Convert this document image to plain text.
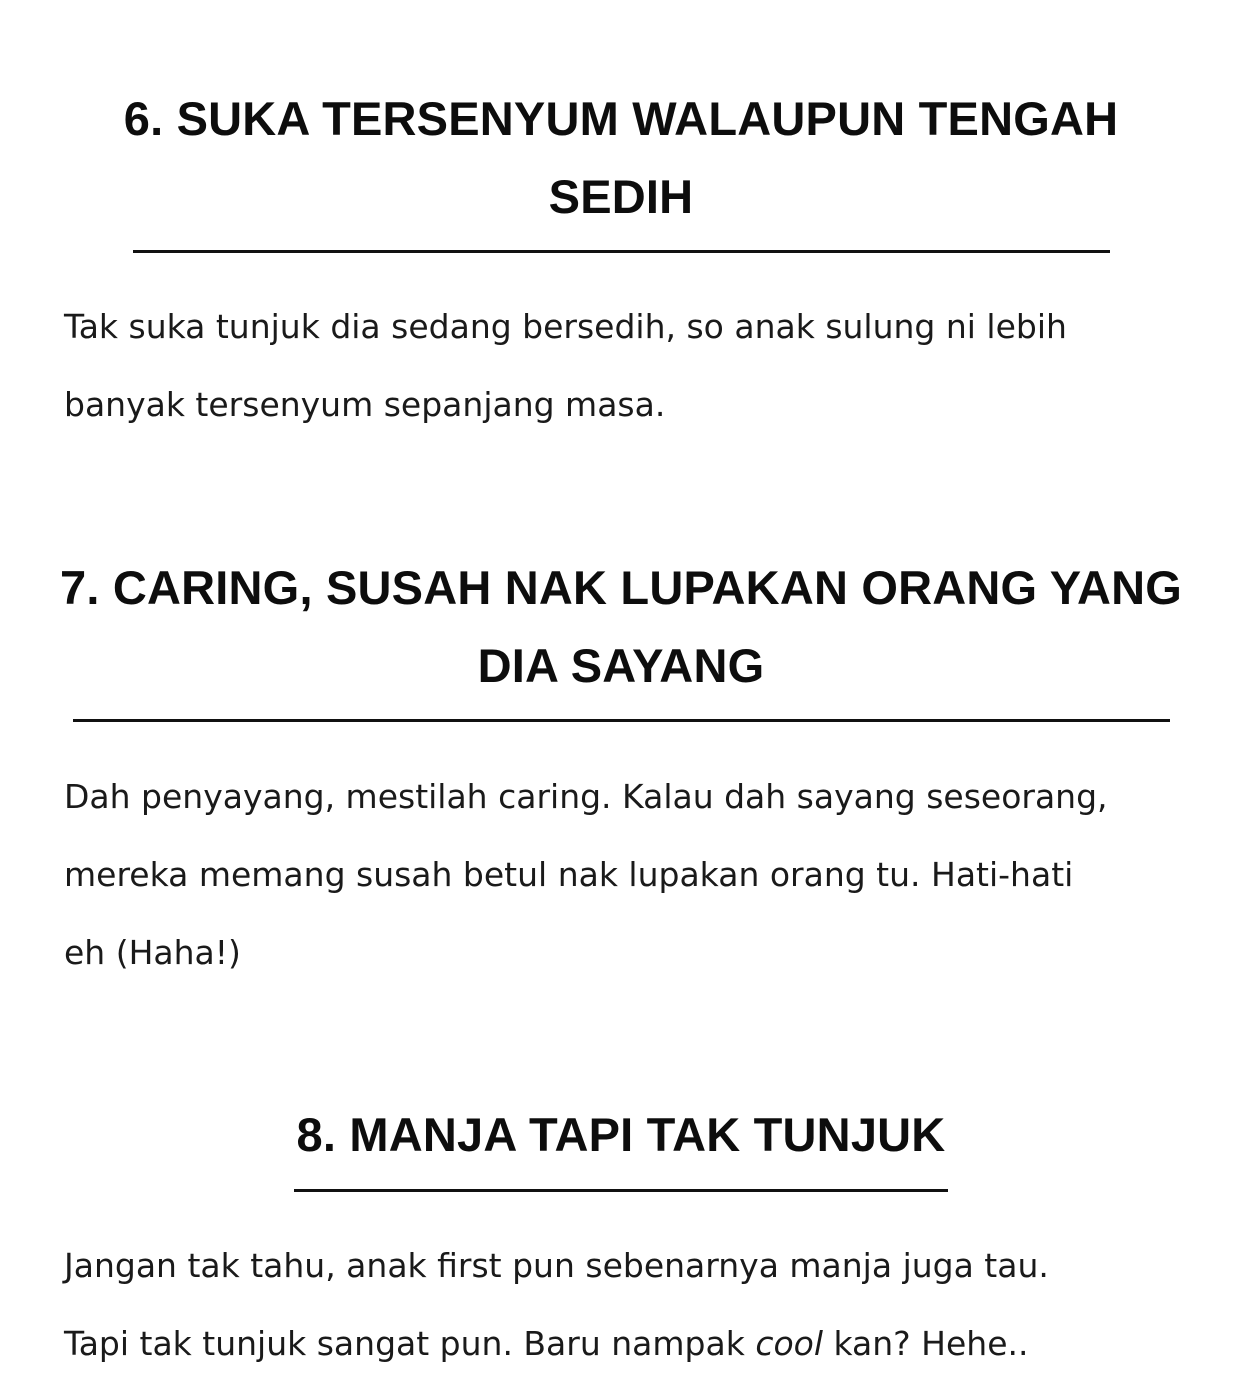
6. SUKA TERSENYUM WALAUPUN TENGAH
SEDIH

Tak suka tunjuk dia sedang bersedih, so anak sulung ni lebih
banyak tersenyum sepanjang masa.

7. CARING, SUSAH NAK LUPAKAN ORANG YANG
DIA SAYANG

Dah penyayang, mestilah caring. Kalau dah sayang seseorang,
mereka memang susah betul nak lupakan orang tu. Hati-hati
eh (Haha!)

8. MANJA TAPI TAK TUNJUK

Jangan tak tahu, anak first pun sebenarnya manja juga tau.
Tapi tak tunjuk sangat pun. Baru nampak cool kan? Hehe..
